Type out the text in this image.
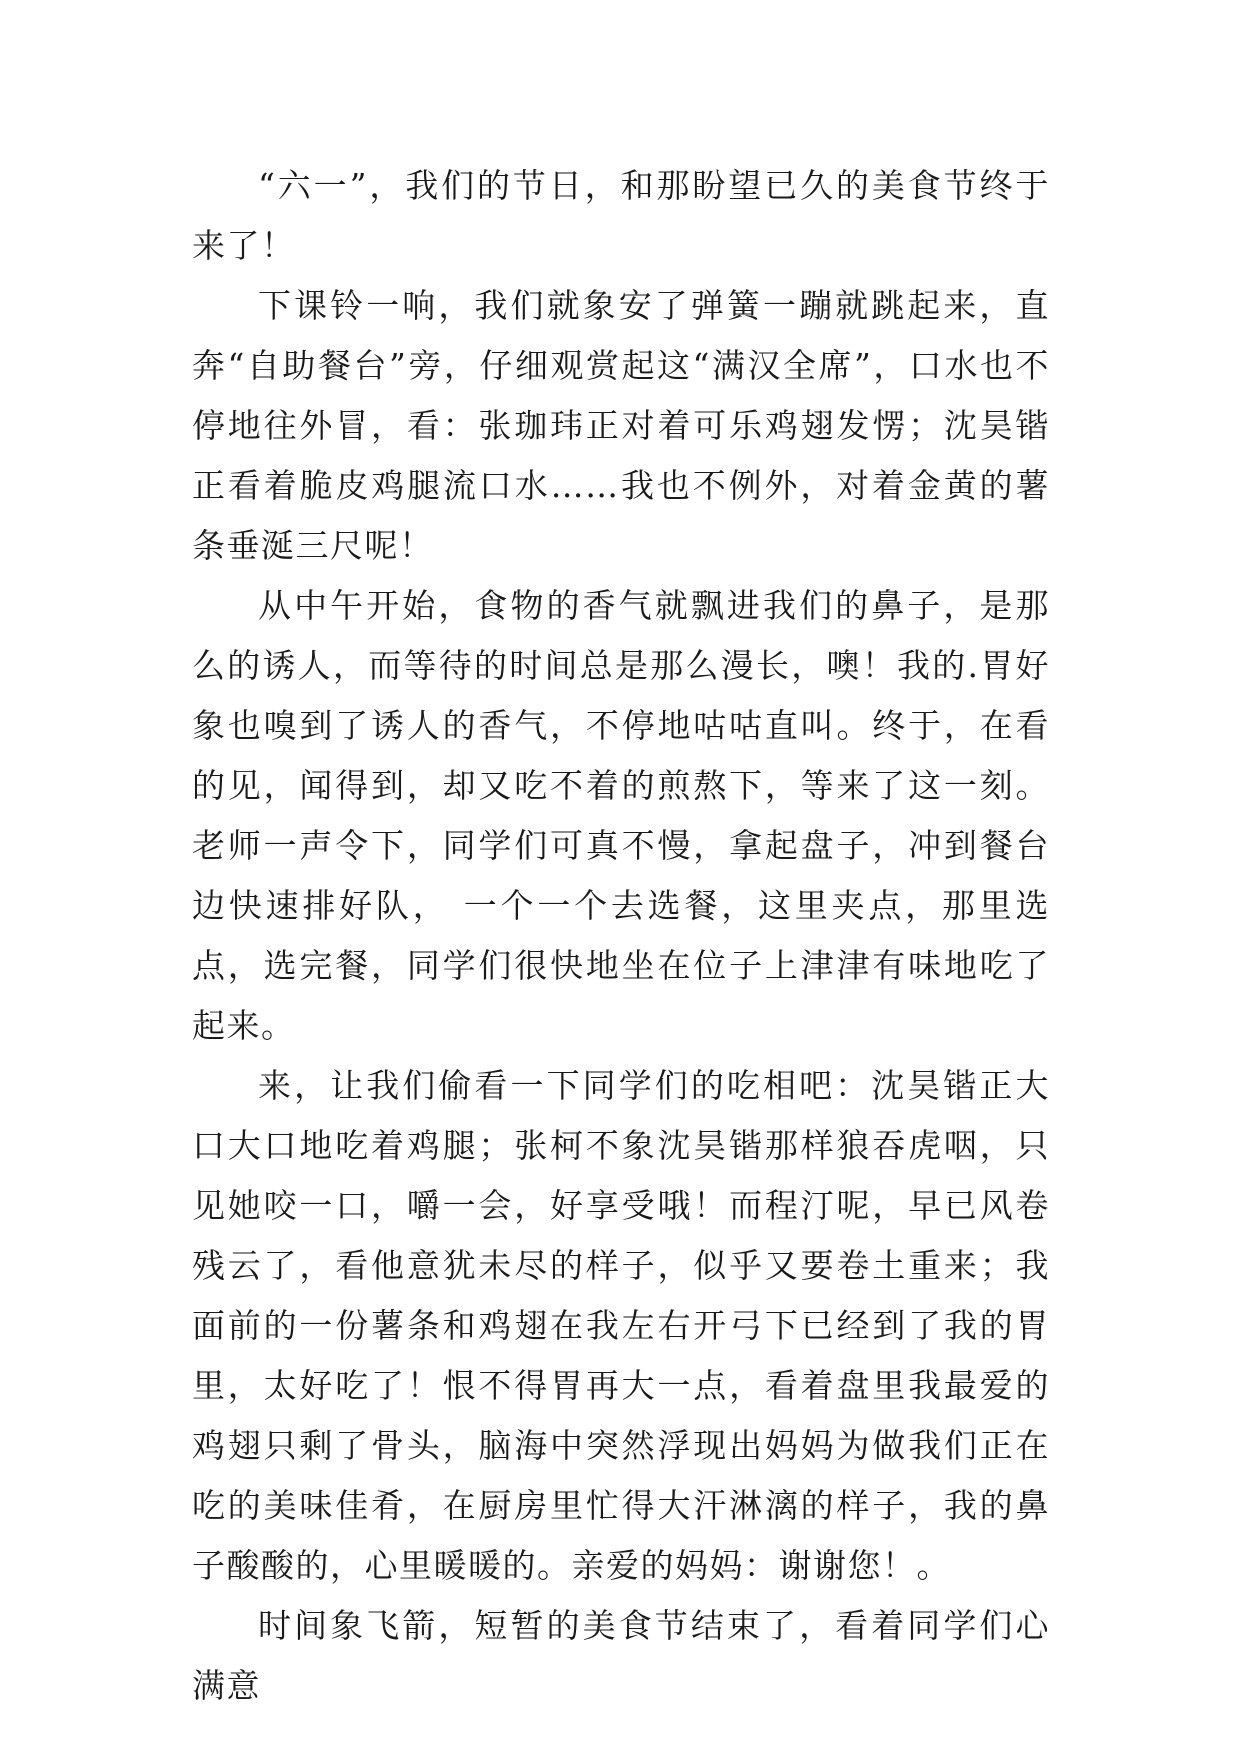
“六一”，我们的节日，和那盼望已久的美食节终于来了！

下课铃一响，我们就象安了弹簧一蹦就跳起来，直奔“自助餐台”旁，仔细观赏起这“满汉全席”，口水也不停地往外冒，看：张珈玮正对着可乐鸡翅发愣；沈昊锴正看着脆皮鸡腿流口水……我也不例外，对着金黄的薯条垂涎三尺呢！

从中午开始，食物的香气就飘进我们的鼻子，是那么的诱人，而等待的时间总是那么漫长，噢！我的.胃好象也嗅到了诱人的香气，不停地咕咕直叫。终于，在看的见，闻得到，却又吃不着的煎熬下，等来了这一刻。老师一声令下，同学们可真不慢，拿起盘子，冲到餐台边快速排好队， 一个一个去选餐，这里夹点，那里选点，选完餐，同学们很快地坐在位子上津津有味地吃了起来。

来，让我们偷看一下同学们的吃相吧：沈昊锴正大口大口地吃着鸡腿；张柯不象沈昊锴那样狼吞虎咽，只见她咬一口，嚼一会，好享受哦！而程汀呢，早已风卷残云了，看他意犹未尽的样子，似乎又要卷土重来；我面前的一份薯条和鸡翅在我左右开弓下已经到了我的胃里，太好吃了！恨不得胃再大一点，看着盘里我最爱的鸡翅只剩了骨头，脑海中突然浮现出妈妈为做我们正在吃的美味佳肴，在厨房里忙得大汗淋漓的样子，我的鼻子酸酸的，心里暖暖的。亲爱的妈妈：谢谢您！。

时间象飞箭，短暂的美食节结束了，看着同学们心满意
